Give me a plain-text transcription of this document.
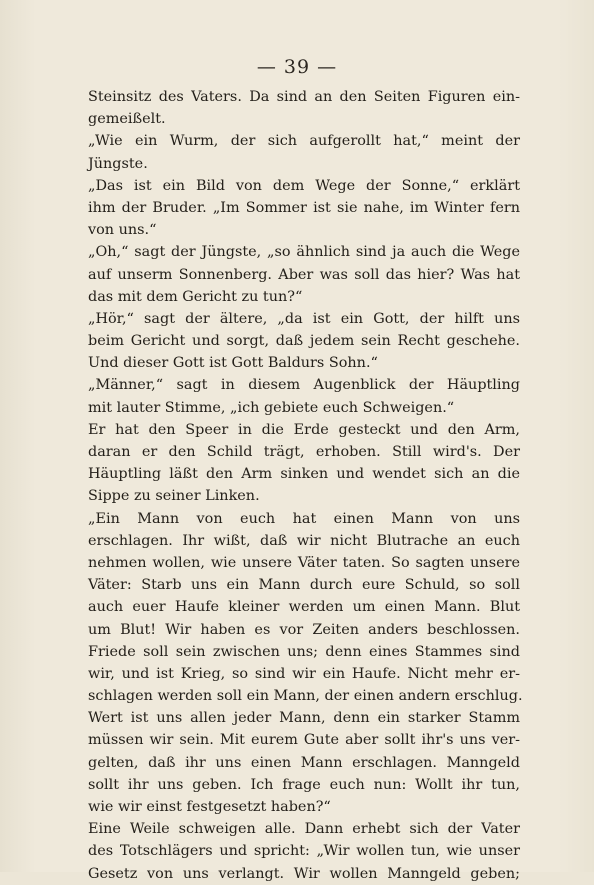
— 39 —
Steinsitz des Vaters. Da sind an den Seiten Figuren ein-
gemeißelt.
„Wie ein Wurm, der sich aufgerollt hat,“ meint der
Jüngste.
„Das ist ein Bild von dem Wege der Sonne,“ erklärt
ihm der Bruder. „Im Sommer ist sie nahe, im Winter fern
von uns.“
„Oh,“ sagt der Jüngste, „so ähnlich sind ja auch die Wege
auf unserm Sonnenberg. Aber was soll das hier? Was hat
das mit dem Gericht zu tun?“
„Hör,“ sagt der ältere, „da ist ein Gott, der hilft uns
beim Gericht und sorgt, daß jedem sein Recht geschehe.
Und dieser Gott ist Gott Baldurs Sohn.“
„Männer,“ sagt in diesem Augenblick der Häuptling
mit lauter Stimme, „ich gebiete euch Schweigen.“
Er hat den Speer in die Erde gesteckt und den Arm,
daran er den Schild trägt, erhoben. Still wird's. Der
Häuptling läßt den Arm sinken und wendet sich an die
Sippe zu seiner Linken.
„Ein Mann von euch hat einen Mann von uns
erschlagen. Ihr wißt, daß wir nicht Blutrache an euch
nehmen wollen, wie unsere Väter taten. So sagten unsere
Väter: Starb uns ein Mann durch eure Schuld, so soll
auch euer Haufe kleiner werden um einen Mann. Blut
um Blut! Wir haben es vor Zeiten anders beschlossen.
Friede soll sein zwischen uns; denn eines Stammes sind
wir, und ist Krieg, so sind wir ein Haufe. Nicht mehr er-
schlagen werden soll ein Mann, der einen andern erschlug.
Wert ist uns allen jeder Mann, denn ein starker Stamm
müssen wir sein. Mit eurem Gute aber sollt ihr's uns ver-
gelten, daß ihr uns einen Mann erschlagen. Manngeld
sollt ihr uns geben. Ich frage euch nun: Wollt ihr tun,
wie wir einst festgesetzt haben?“
Eine Weile schweigen alle. Dann erhebt sich der Vater
des Totschlägers und spricht: „Wir wollen tun, wie unser
Gesetz von uns verlangt. Wir wollen Manngeld geben;
